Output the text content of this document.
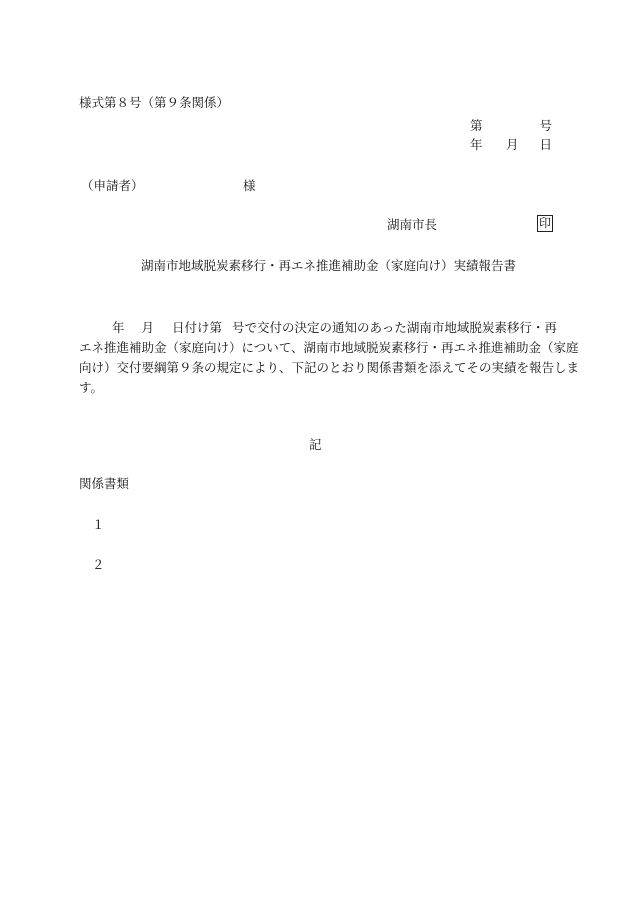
様式第８号（第９条関係）
第	号
年 月 日
（申請者）	様
湖南市長	印
湖南市地域脱炭素移行・再エネ推進補助金（家庭向け）実績報告書
年 月 日付け第 号で交付の決定の通知のあった湖南市地域脱炭素移行・再
エネ推進補助金（家庭向け）について、湖南市地域脱炭素移行・再エネ推進補助金（家庭
向け）交付要綱第９条の規定により、下記のとおり関係書類を添えてその実績を報告しま
す。
記
関係書類
１
２
